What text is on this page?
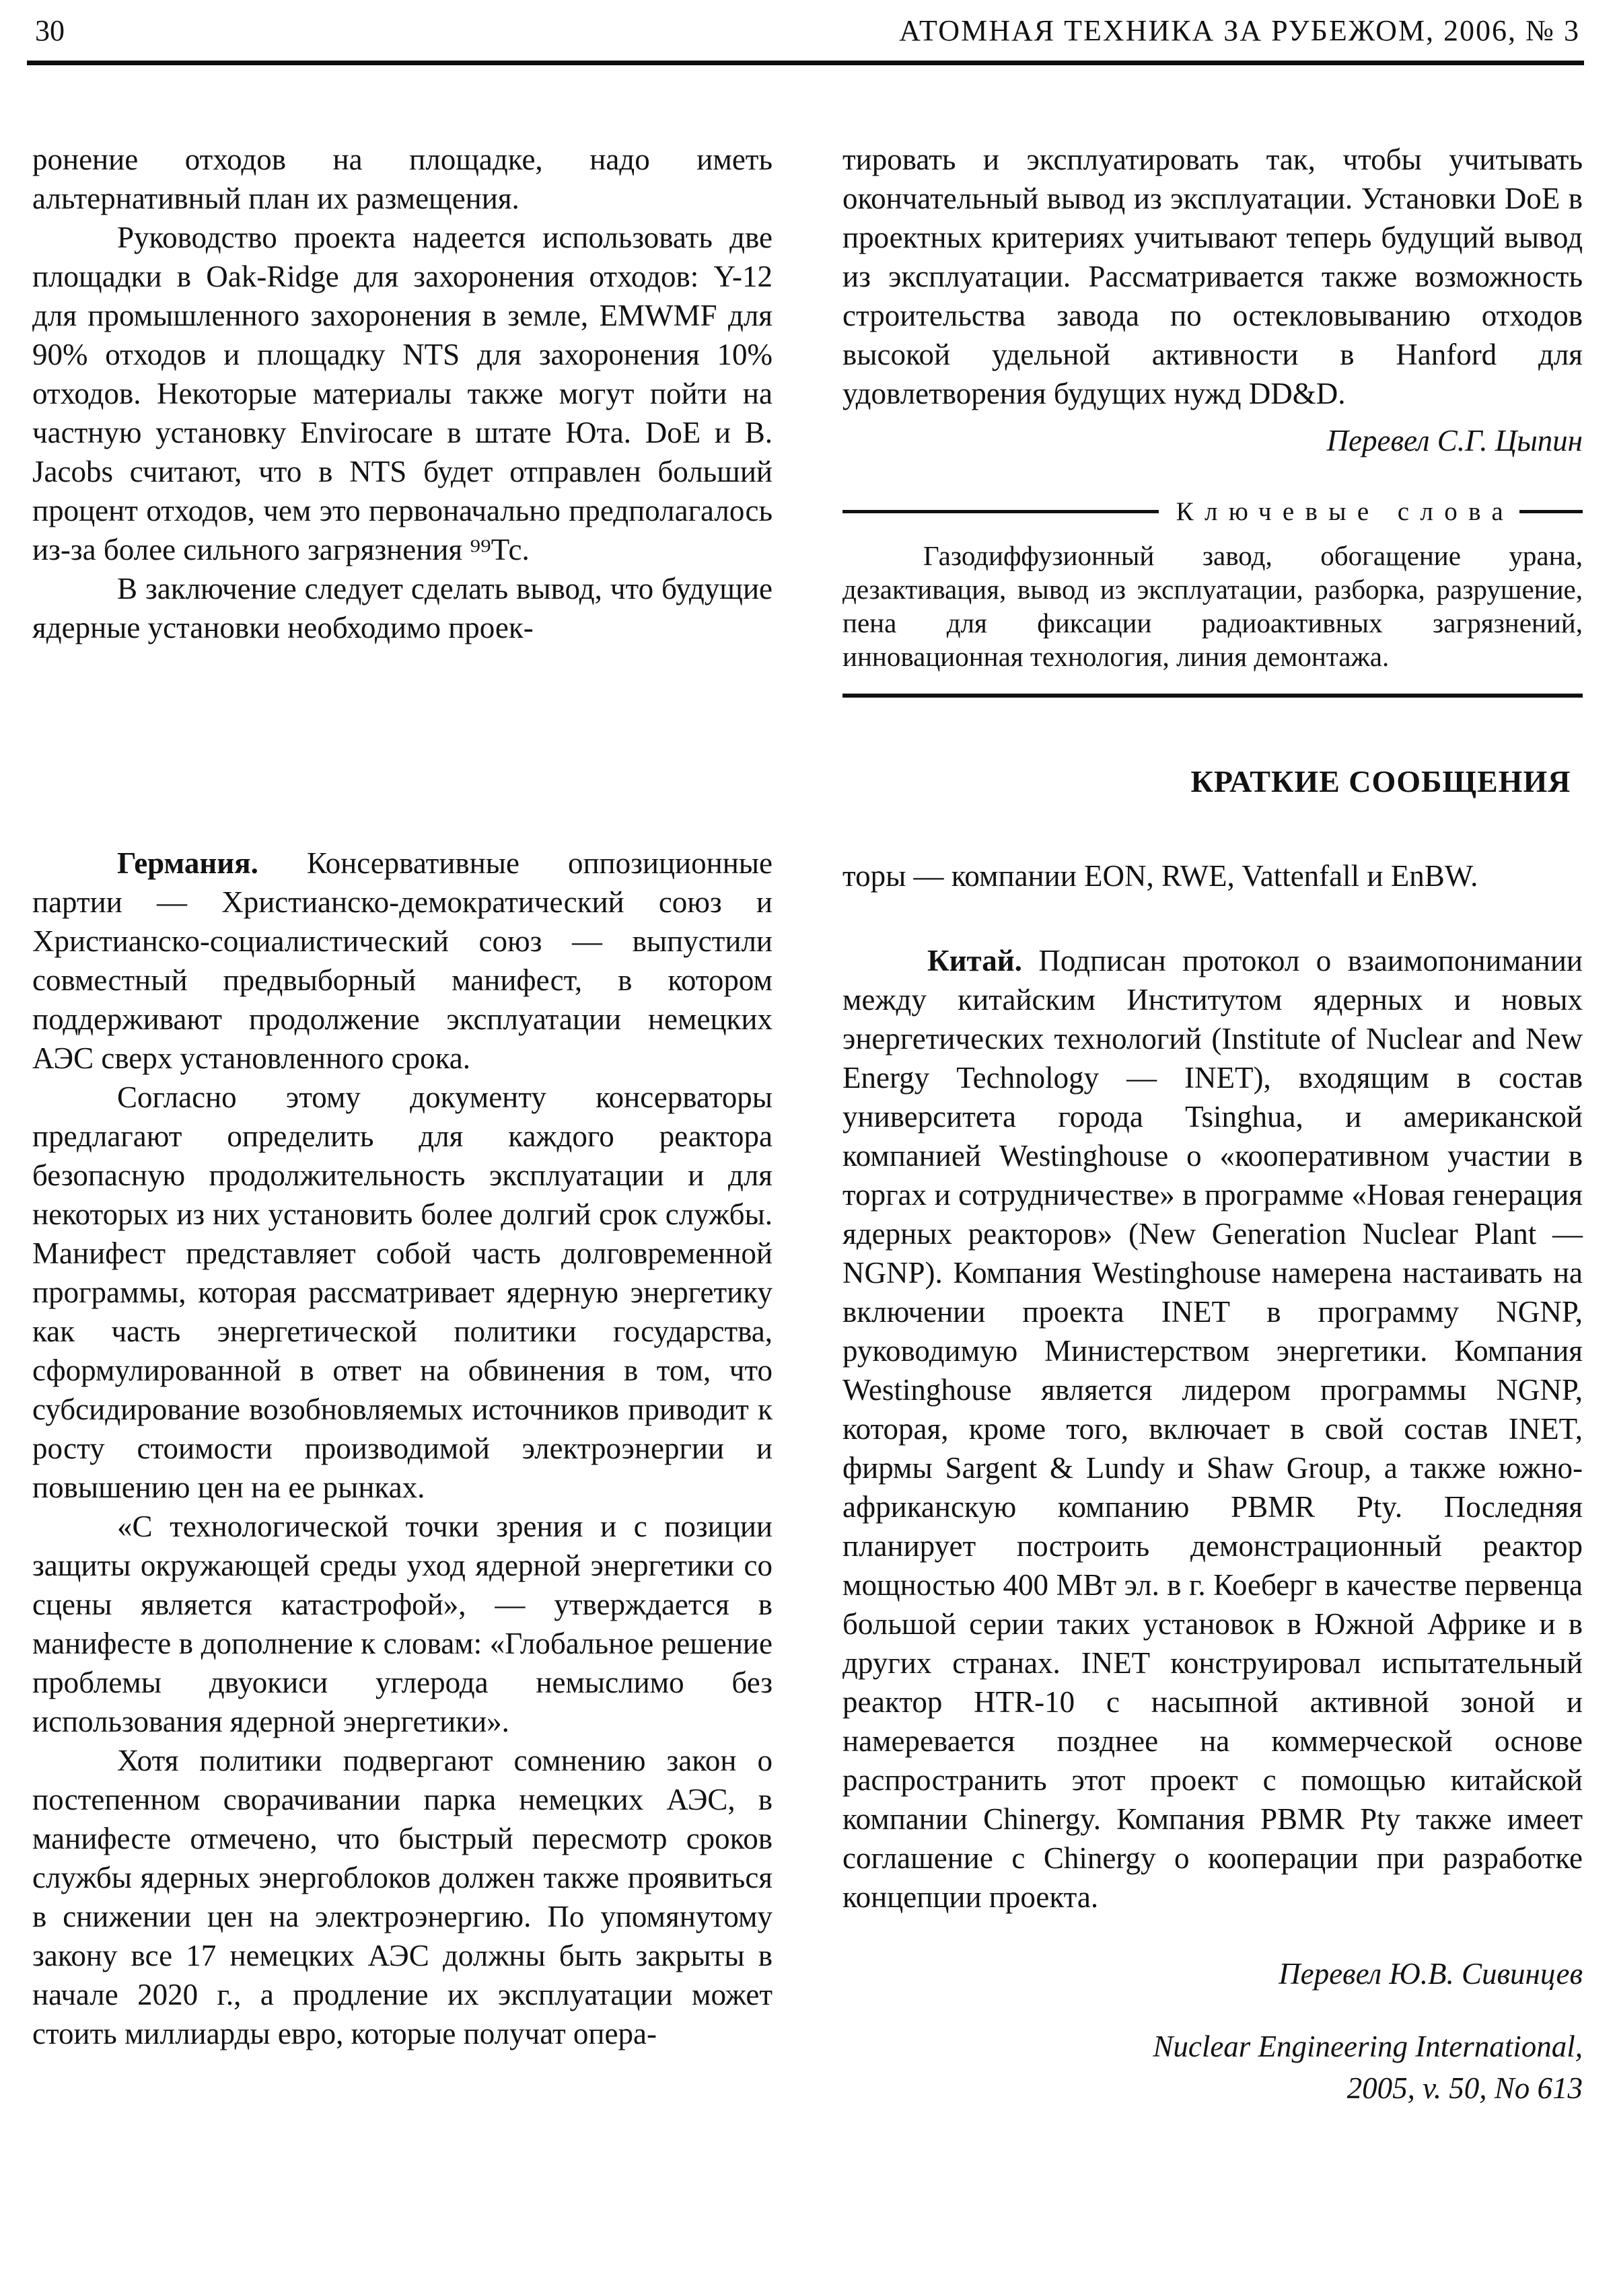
30	АТОМНАЯ ТЕХНИКА ЗА РУБЕЖОМ, 2006, № 3

ронение отходов на площадке, надо иметь альтернативный план их размещения.

Руководство проекта надеется использовать две площадки в Oak-Ridge для захоронения отходов: Y-12 для промышленного захоронения в земле, EMWMF для 90% отходов и площадку NTS для захоронения 10% отходов. Некоторые материалы также могут пойти на частную установку Envirocare в штате Юта. DoE и B. Jacobs считают, что в NTS будет отправлен больший процент отходов, чем это первоначально предполагалось из-за более сильного загрязнения ⁹⁹Тс.

В заключение следует сделать вывод, что будущие ядерные установки необходимо проек-

Германия. Консервативные оппозиционные партии — Христианско-демократический союз и Христианско-социалистический союз — выпустили совместный предвыборный манифест, в котором поддерживают продолжение эксплуатации немецких АЭС сверх установленного срока.

Согласно этому документу консерваторы предлагают определить для каждого реактора безопасную продолжительность эксплуатации и для некоторых из них установить более долгий срок службы. Манифест представляет собой часть долговременной программы, которая рассматривает ядерную энергетику как часть энергетической политики государства, сформулированной в ответ на обвинения в том, что субсидирование возобновляемых источников приводит к росту стоимости производимой электроэнергии и повышению цен на ее рынках.

«С технологической точки зрения и с позиции защиты окружающей среды уход ядерной энергетики со сцены является катастрофой», — утверждается в манифесте в дополнение к словам: «Глобальное решение проблемы двуокиси углерода немыслимо без использования ядерной энергетики».

Хотя политики подвергают сомнению закон о постепенном сворачивании парка немецких АЭС, в манифесте отмечено, что быстрый пересмотр сроков службы ядерных энергоблоков должен также проявиться в снижении цен на электроэнергию. По упомянутому закону все 17 немецких АЭС должны быть закрыты в начале 2020 г., а продление их эксплуатации может стоить миллиарды евро, которые получат опера-

тировать и эксплуатировать так, чтобы учитывать окончательный вывод из эксплуатации. Установки DoE в проектных критериях учитывают теперь будущий вывод из эксплуатации. Рассматривается также возможность строительства завода по остекловыванию отходов высокой удельной активности в Hanford для удовлетворения будущих нужд DD&D.

Перевел С.Г. Цыпин

Ключевые слова

Газодиффузионный завод, обогащение урана, дезактивация, вывод из эксплуатации, разборка, разрушение, пена для фиксации радиоактивных загрязнений, инновационная технология, линия демонтажа.

КРАТКИЕ СООБЩЕНИЯ

торы — компании EON, RWE, Vattenfall и EnBW.

Китай. Подписан протокол о взаимопонимании между китайским Институтом ядерных и новых энергетических технологий (Institute of Nuclear and New Energy Technology — INET), входящим в состав университета города Tsinghua, и американской компанией Westinghouse о «кооперативном участии в торгах и сотрудничестве» в программе «Новая генерация ядерных реакторов» (New Generation Nuclear Plant — NGNP). Компания Westinghouse намерена настаивать на включении проекта INET в программу NGNP, руководимую Министерством энергетики. Компания Westinghouse является лидером программы NGNP, которая, кроме того, включает в свой состав INET, фирмы Sargent & Lundy и Shaw Group, а также южно-африканскую компанию PBMR Pty. Последняя планирует построить демонстрационный реактор мощностью 400 МВт эл. в г. Коеберг в качестве первенца большой серии таких установок в Южной Африке и в других странах. INET конструировал испытательный реактор HTR-10 с насыпной активной зоной и намеревается позднее на коммерческой основе распространить этот проект с помощью китайской компании Chinergy. Компания PBMR Pty также имеет соглашение с Chinergy о кооперации при разработке концепции проекта.

Перевел Ю.В. Сивинцев

Nuclear Engineering International,
2005, v. 50, No 613
